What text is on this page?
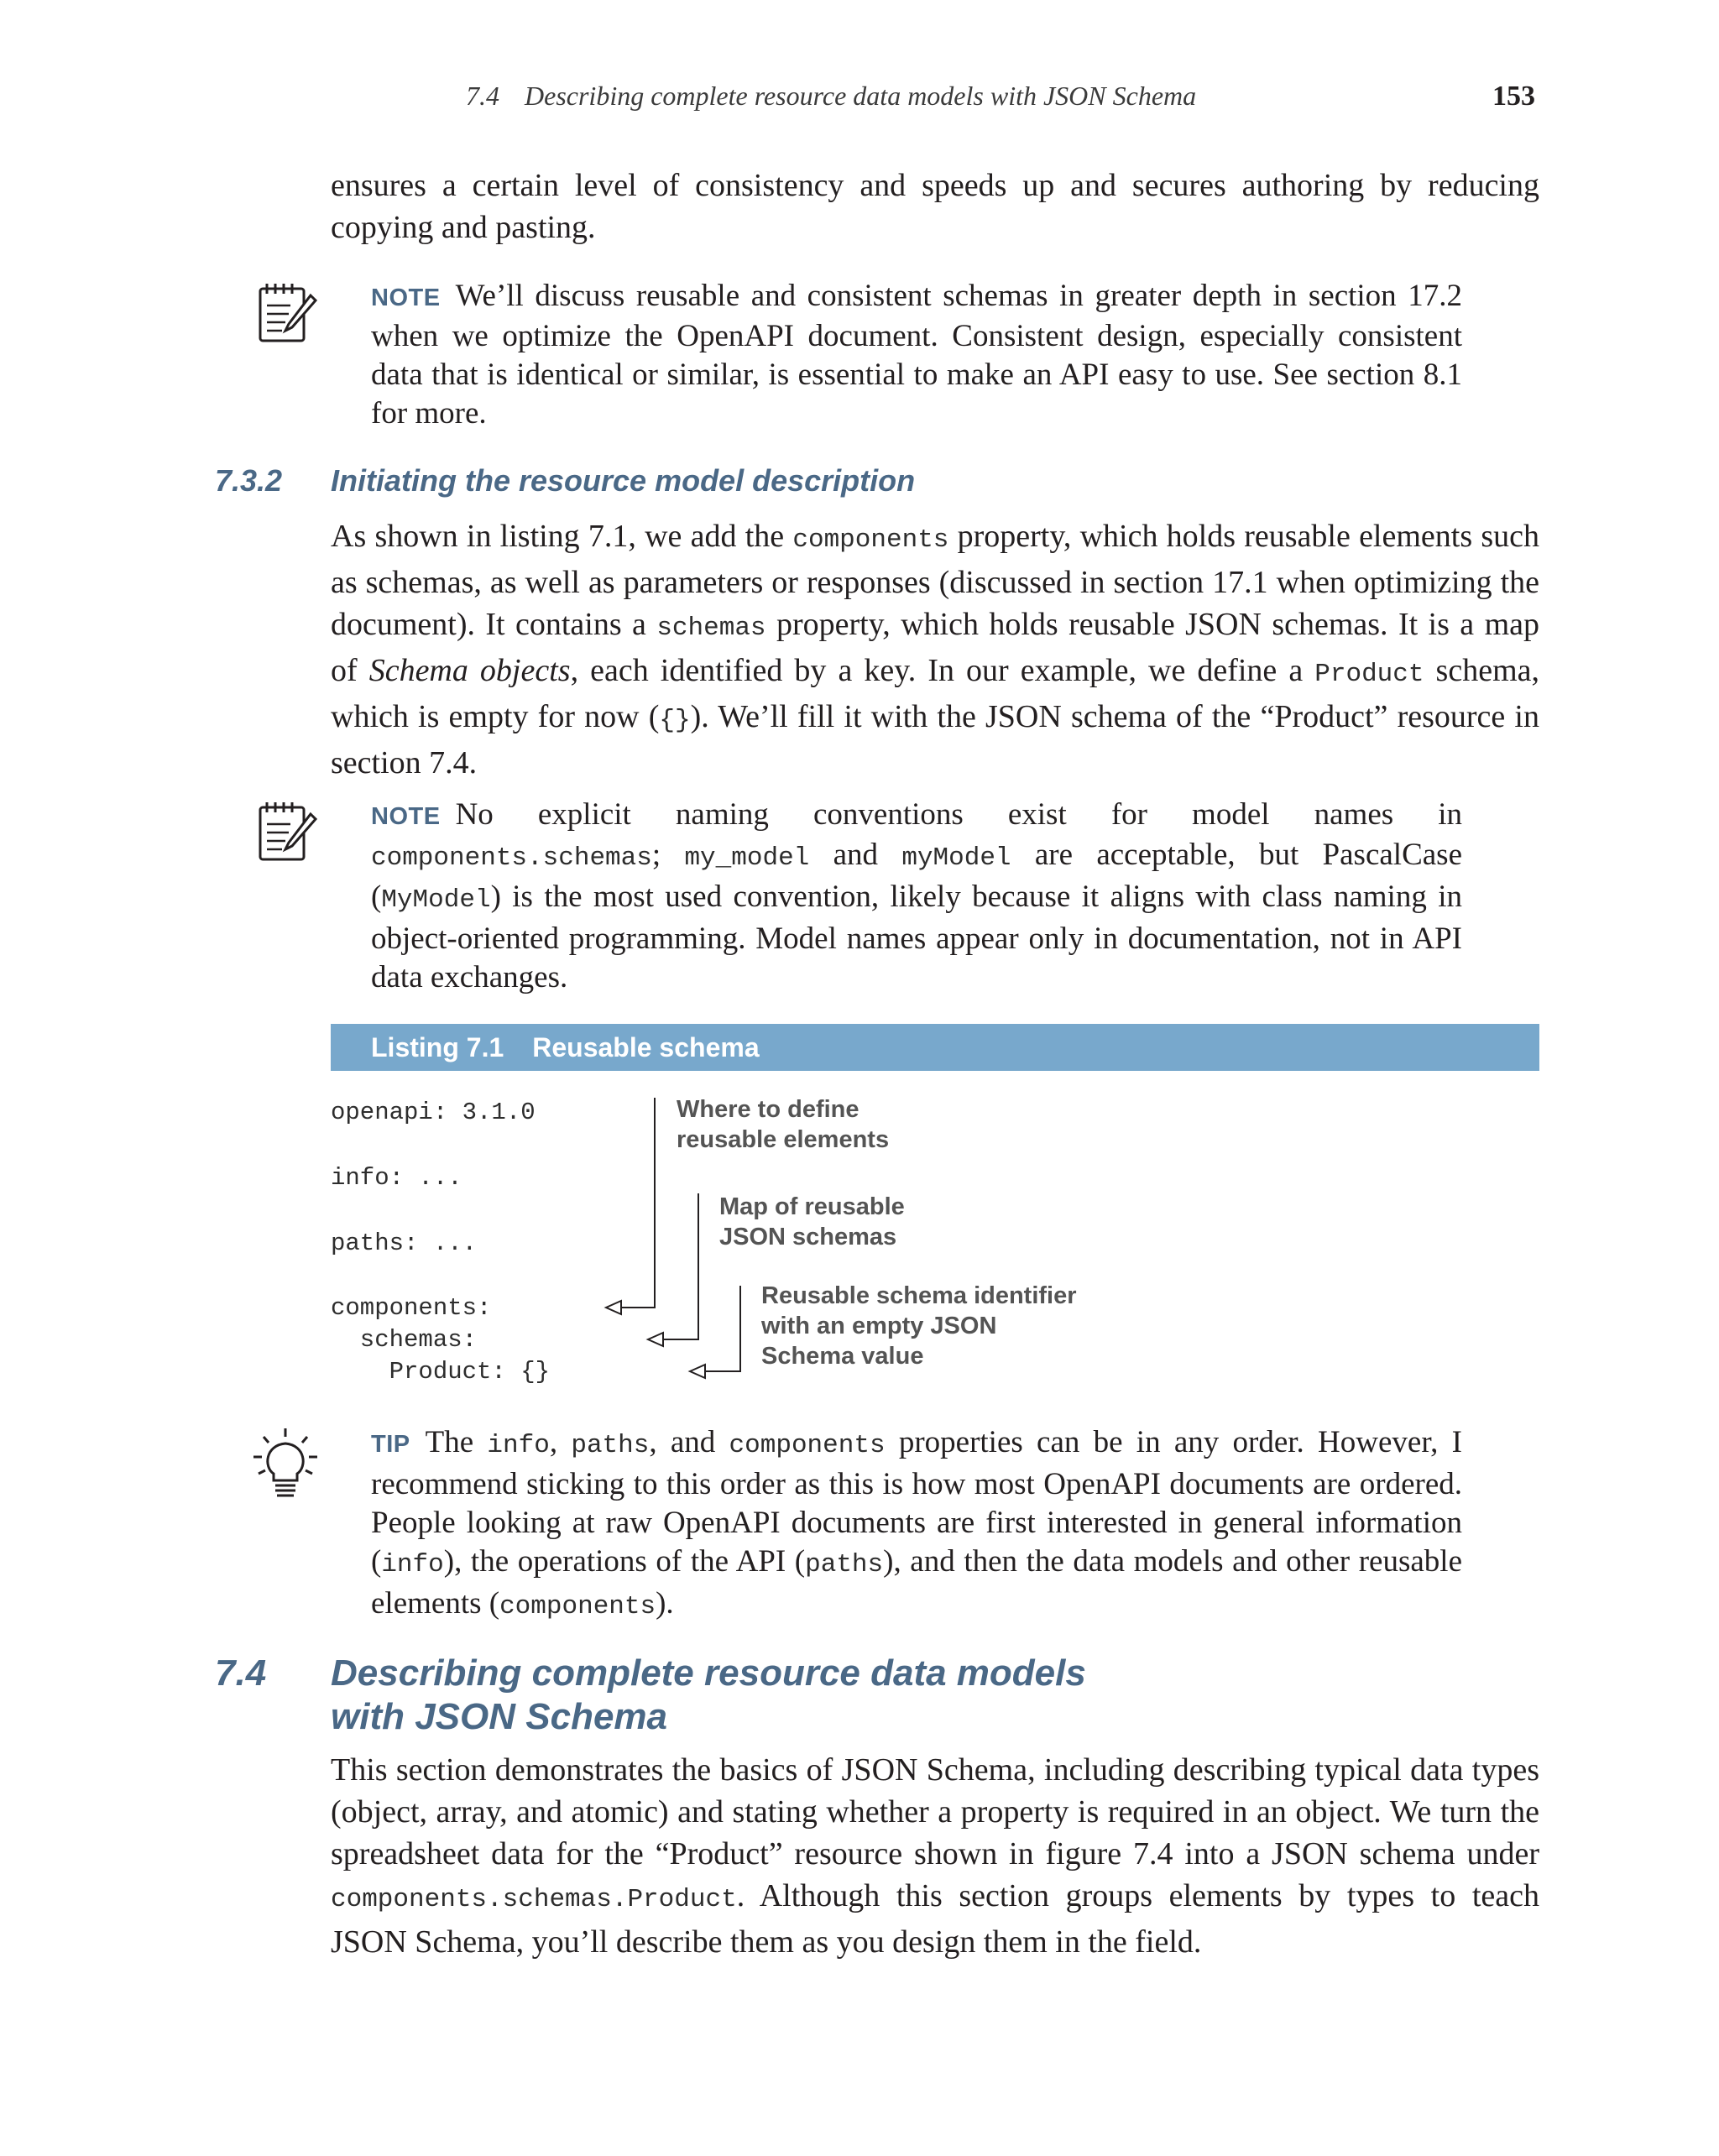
7.4 Describing complete resource data models with JSON Schema	153

ensures a certain level of consistency and speeds up and secures authoring by reducing copying and pasting.

NOTE We’ll discuss reusable and consistent schemas in greater depth in section 17.2 when we optimize the OpenAPI document. Consistent design, especially consistent data that is identical or similar, is essential to make an API easy to use. See section 8.1 for more.
7.3.2 Initiating the resource model description

As shown in listing 7.1, we add the components property, which holds reusable elements such as schemas, as well as parameters or responses (discussed in section 17.1 when optimizing the document). It contains a schemas property, which holds reusable JSON schemas. It is a map of Schema objects, each identified by a key. In our example, we define a Product schema, which is empty for now ({}). We’ll fill it with the JSON schema of the “Product” resource in section 7.4.

NOTE No explicit naming conventions exist for model names in components.schemas; my_model and myModel are acceptable, but PascalCase (MyModel) is the most used convention, likely because it aligns with class naming in object-oriented programming. Model names appear only in documentation, not in API data exchanges.
Listing 7.1 Reusable schema
openapi: 3.1.0
info: ...
paths: ...
components:
schemas:
Product: {}
Where to define
reusable elements
Map of reusable
JSON schemas
Reusable schema identifier
with an empty JSON
Schema value
TIP The info, paths, and components properties can be in any order. However, I recommend sticking to this order as this is how most OpenAPI documents are ordered. People looking at raw OpenAPI documents are first interested in general information (info), the operations of the API (paths), and then the data models and other reusable elements (components).
7.4 Describing complete resource data models
with JSON Schema

This section demonstrates the basics of JSON Schema, including describing typical data types (object, array, and atomic) and stating whether a property is required in an object. We turn the spreadsheet data for the “Product” resource shown in figure 7.4 into a JSON schema under components.schemas.Product. Although this section groups elements by types to teach JSON Schema, you’ll describe them as you design them in the field.
